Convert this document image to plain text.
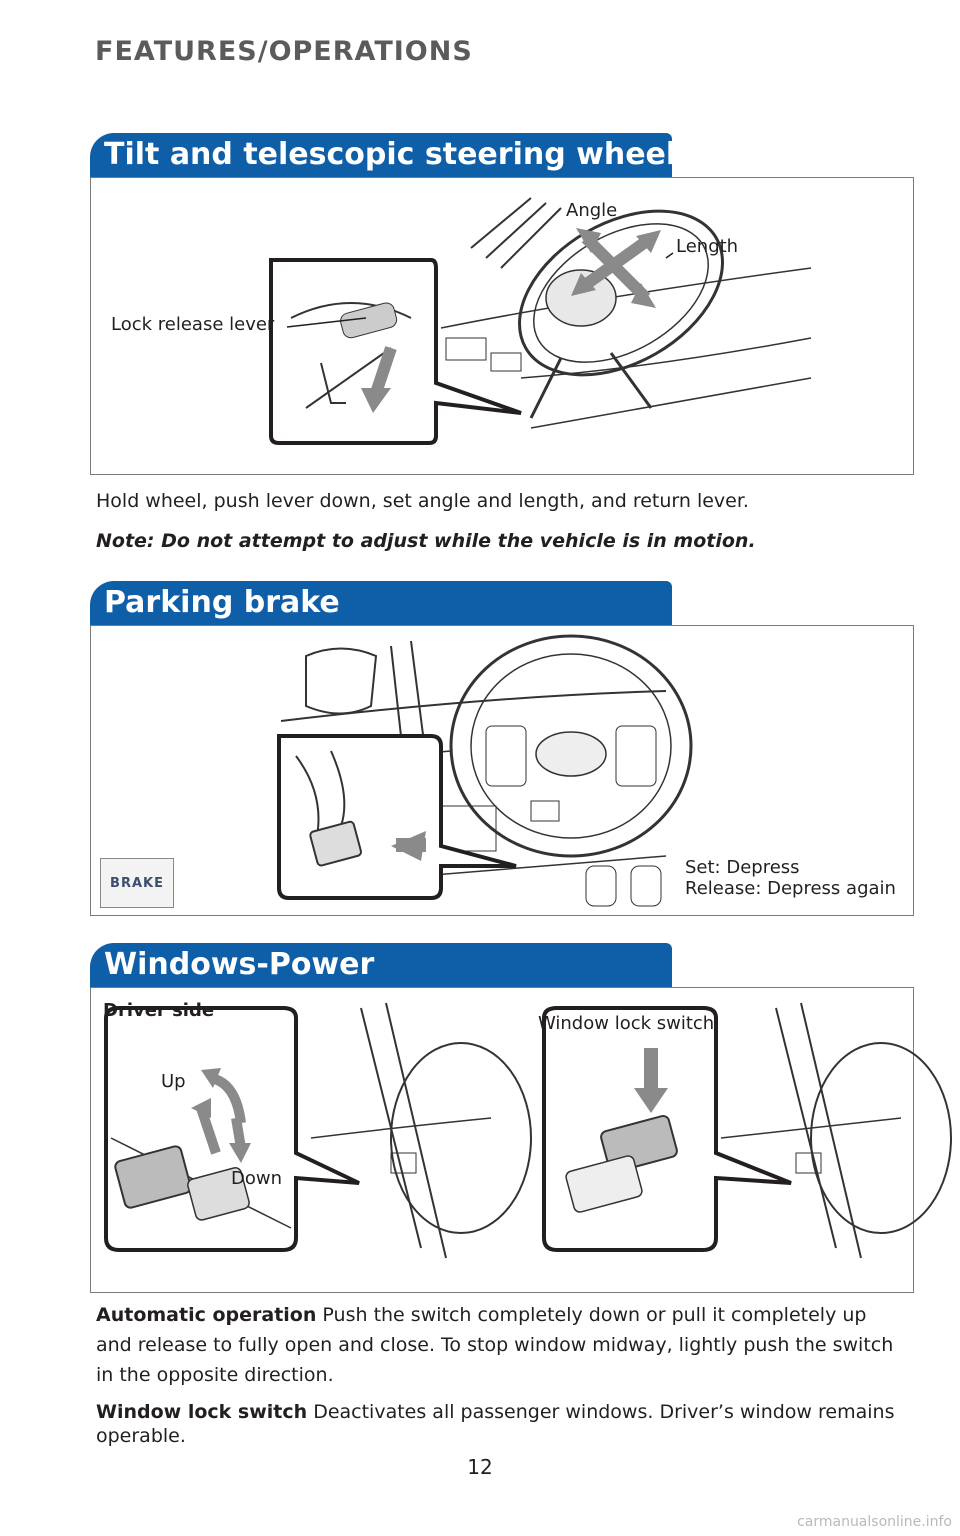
FEATURES/OPERATIONS
Tilt and telescopic steering wheel
Angle
Length
Lock release lever
Hold wheel, push lever down, set angle and length, and return lever.
Note: Do not attempt to adjust while the vehicle is in motion.
Parking brake
Set: Depress
Release: Depress again
BRAKE
Windows-Power
Driver side
Up
Down
Window lock switch
Automatic operation Push the switch completely down or pull it completely up and release to fully open and close. To stop window midway, lightly push the switch in the opposite direction.
Window lock switch Deactivates all passenger windows. Driver’s window remains operable.
12
carmanualsonline.info
